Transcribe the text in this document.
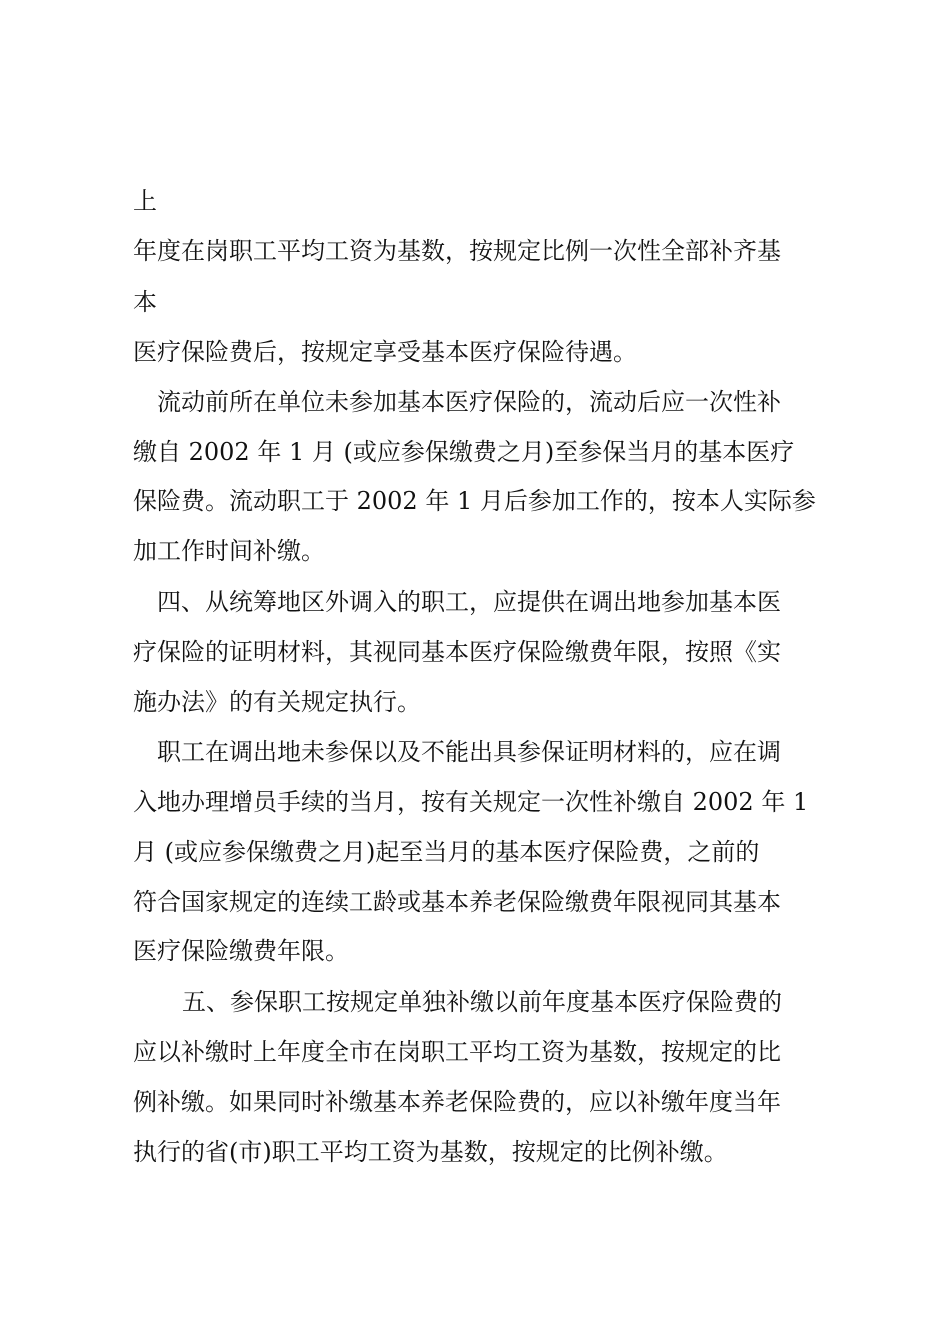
上
年度在岗职工平均工资为基数，按规定比例一次性全部补齐基
本
医疗保险费后，按规定享受基本医疗保险待遇。
流动前所在单位未参加基本医疗保险的，流动后应一次性补
缴自 2002 年 1 月 (或应参保缴费之月)至参保当月的基本医疗
保险费。流动职工于 2002 年 1 月后参加工作的，按本人实际参
加工作时间补缴。
四、从统筹地区外调入的职工，应提供在调出地参加基本医
疗保险的证明材料，其视同基本医疗保险缴费年限，按照《实
施办法》的有关规定执行。
职工在调出地未参保以及不能出具参保证明材料的，应在调
入地办理增员手续的当月，按有关规定一次性补缴自 2002 年 1
月 (或应参保缴费之月)起至当月的基本医疗保险费，之前的
符合国家规定的连续工龄或基本养老保险缴费年限视同其基本
医疗保险缴费年限。
五、参保职工按规定单独补缴以前年度基本医疗保险费的
应以补缴时上年度全市在岗职工平均工资为基数，按规定的比
例补缴。如果同时补缴基本养老保险费的，应以补缴年度当年
执行的省(市)职工平均工资为基数，按规定的比例补缴。
